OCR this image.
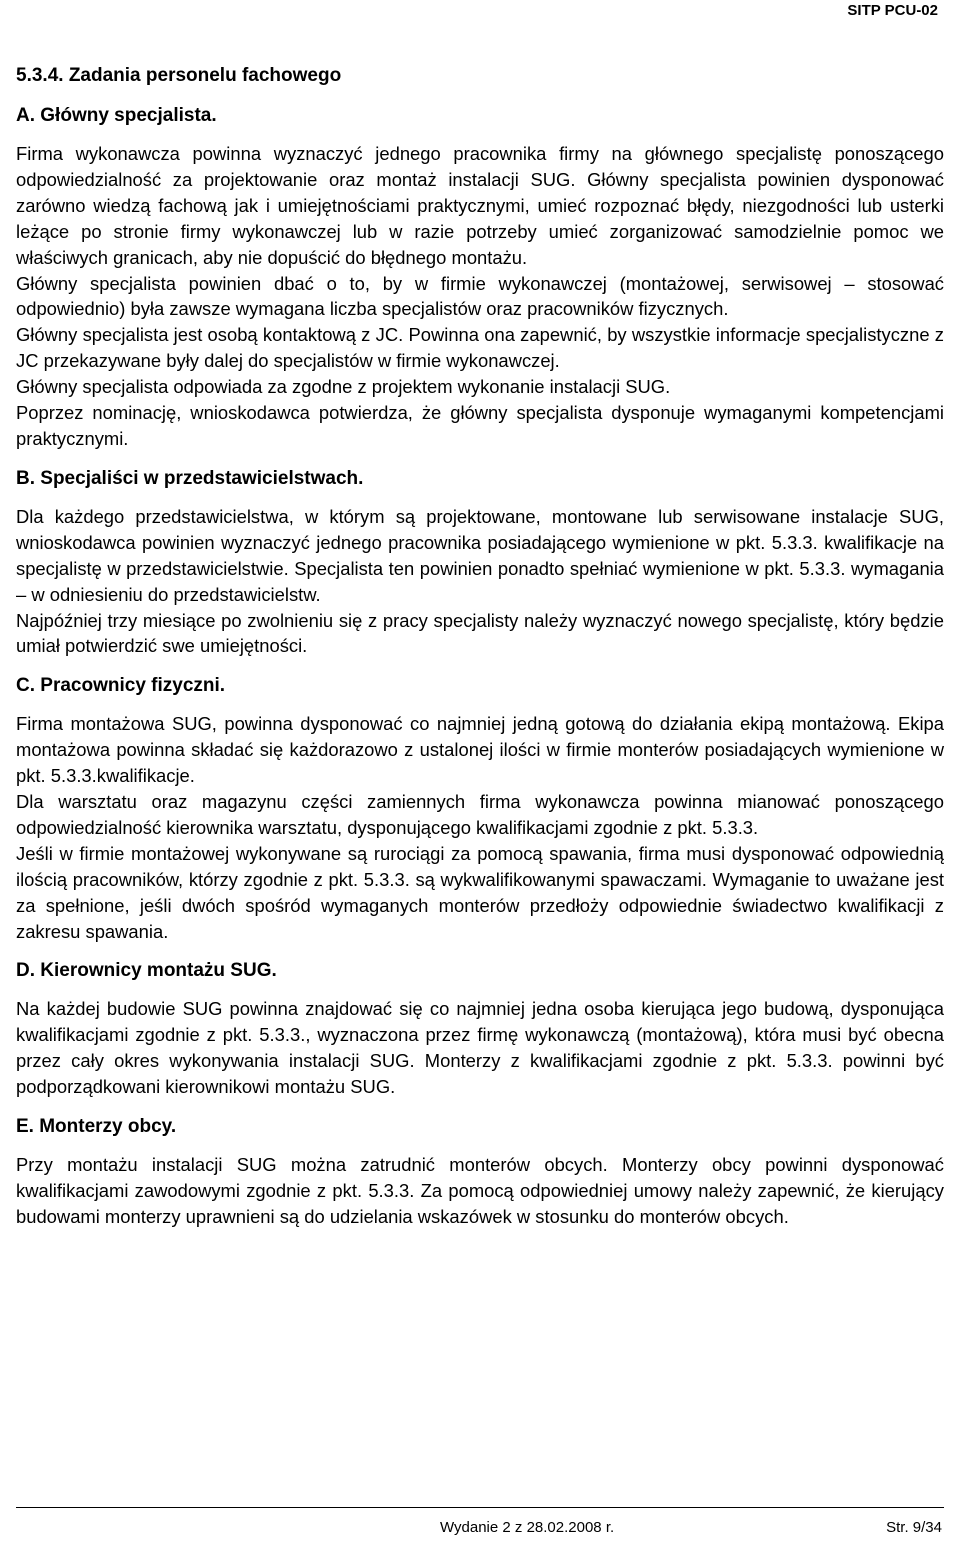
SITP PCU-02
5.3.4. Zadania personelu fachowego
A. Główny specjalista.

Firma wykonawcza powinna wyznaczyć jednego pracownika firmy na głównego specjalistę ponoszącego odpowiedzialność za projektowanie oraz montaż instalacji SUG. Główny specjalista powinien dysponować zarówno wiedzą fachową jak i umiejętnościami praktycznymi, umieć rozpoznać błędy, niezgodności lub usterki leżące po stronie firmy wykonawczej lub w razie potrzeby umieć zorganizować samodzielnie pomoc we właściwych granicach, aby nie dopuścić do błędnego montażu.

Główny specjalista powinien dbać o to, by w firmie wykonawczej (montażowej, serwisowej – stosować odpowiednio) była zawsze wymagana liczba specjalistów oraz pracowników fizycznych.

Główny specjalista jest osobą kontaktową z JC. Powinna ona zapewnić, by wszystkie informacje specjalistyczne z JC przekazywane były dalej do specjalistów w firmie wykonawczej.

Główny specjalista odpowiada za zgodne z projektem wykonanie instalacji SUG.

Poprzez nominację, wnioskodawca potwierdza, że główny specjalista dysponuje wymaganymi kompetencjami praktycznymi.

B. Specjaliści w przedstawicielstwach.

Dla każdego przedstawicielstwa, w którym są projektowane, montowane lub serwisowane instalacje SUG, wnioskodawca powinien wyznaczyć jednego pracownika posiadającego wymienione w pkt. 5.3.3. kwalifikacje na specjalistę w przedstawicielstwie. Specjalista ten powinien ponadto spełniać wymienione w pkt. 5.3.3. wymagania – w odniesieniu do przedstawicielstw.

Najpóźniej trzy miesiące po zwolnieniu się z pracy specjalisty należy wyznaczyć nowego specjalistę, który będzie umiał potwierdzić swe umiejętności.

C. Pracownicy fizyczni.

Firma montażowa SUG, powinna dysponować co najmniej jedną gotową do działania ekipą montażową. Ekipa montażowa powinna składać się każdorazowo z ustalonej ilości w firmie monterów posiadających wymienione w pkt. 5.3.3.kwalifikacje.

Dla warsztatu oraz magazynu części zamiennych firma wykonawcza powinna mianować ponoszącego odpowiedzialność kierownika warsztatu, dysponującego kwalifikacjami zgodnie z pkt. 5.3.3.

Jeśli w firmie montażowej wykonywane są rurociągi za pomocą spawania, firma musi dysponować odpowiednią ilością pracowników, którzy zgodnie z pkt. 5.3.3. są wykwalifikowanymi spawaczami. Wymaganie to uważane jest za spełnione, jeśli dwóch spośród wymaganych monterów przedłoży odpowiednie świadectwo kwalifikacji z zakresu spawania.

D. Kierownicy montażu SUG.

Na każdej budowie SUG powinna znajdować się co najmniej jedna osoba kierująca jego budową, dysponująca kwalifikacjami zgodnie z pkt. 5.3.3., wyznaczona przez firmę wykonawczą (montażową), która musi być obecna przez cały okres wykonywania instalacji SUG. Monterzy z kwalifikacjami zgodnie z pkt. 5.3.3. powinni być podporządkowani kierownikowi montażu SUG.

E. Monterzy obcy.

Przy montażu instalacji SUG można zatrudnić monterów obcych. Monterzy obcy powinni dysponować kwalifikacjami zawodowymi zgodnie z pkt. 5.3.3. Za pomocą odpowiedniej umowy należy zapewnić, że kierujący budowami monterzy uprawnieni są do udzielania wskazówek w stosunku do monterów obcych.

Wydanie 2 z 28.02.2008 r.	Str. 9/34
